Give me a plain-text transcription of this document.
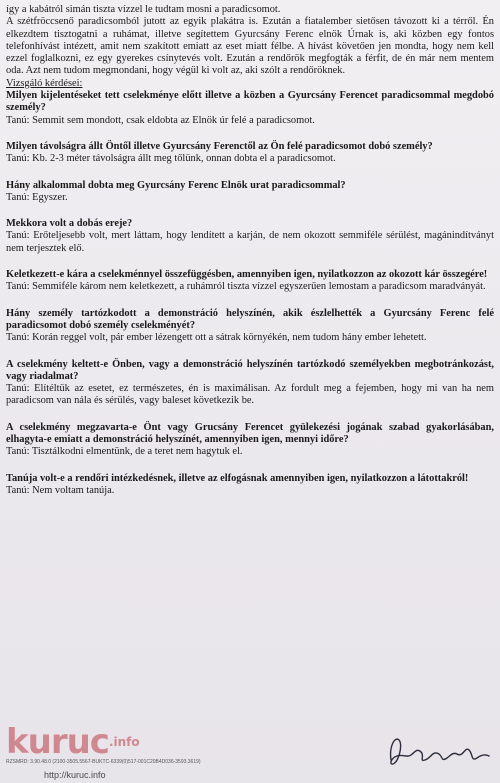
így a kabátról simán tiszta vízzel le tudtam mosni a paradicsomot.

A szétfröccsenő paradicsomból jutott az egyik plakátra is. Ezután a fiatalember sietősen távozott ki a térről. Én elkezdtem tisztogatni a ruhámat, illetve segítettem Gyurcsány Ferenc elnök Úrnak is, aki közben egy fontos telefonhívást intézett, amit nem szakított emiatt az eset miatt félbe. A hívást követően jen mondta, hogy nem kell ezzel foglalkozni, ez egy gyerekes csínytevés volt. Ezután a rendőrök megfogták a férfit, de én már nem mentem oda. Azt nem tudom megmondani, hogy végül ki volt az, aki szólt a rendőröknek.

Vizsgáló kérdései:

Milyen kijelentéseket tett cselekménye előtt illetve a közben a Gyurcsány Ferencet paradicsommal megdobó személy?

Tanú: Semmit sem mondott, csak eldobta az Elnök úr felé a paradicsomot.

Milyen távolságra állt Öntől illetve Gyurcsány Ferenctől az Ön felé paradicsomot dobó személy?

Tanú: Kb. 2-3 méter távolságra állt meg tőlünk, onnan dobta el a paradicsomot.

Hány alkalommal dobta meg Gyurcsány Ferenc Elnök urat paradicsommal?

Tanú: Egyszer.

Mekkora volt a dobás ereje?

Tanú: Erőteljesebb volt, mert láttam, hogy lendített a karján, de nem okozott semmiféle sérülést, magánindítványt nem terjesztek elő.

Keletkezett-e kára a cselekménnyel összefüggésben, amennyiben igen, nyilatkozzon az okozott kár összegére!

Tanú: Semmiféle károm nem keletkezett, a ruhámról tiszta vízzel egyszerűen lemostam a paradicsom maradványát.

Hány személy tartózkodott a demonstráció helyszínén, akik észlelhették a Gyurcsány Ferenc felé paradicsomot dobó személy cselekményét?

Tanú: Korán reggel volt, pár ember lézengett ott a sátrak környékén, nem tudom hány ember lehetett.

A cselekmény keltett-e Önben, vagy a demonstráció helyszínén tartózkodó személyekben megbotránkozást, vagy riadalmat?

Tanú: Elítéltük az esetet, ez természetes, én is maximálisan. Az fordult meg a fejemben, hogy mi van ha nem paradicsom van nála és sérülés, vagy baleset következik be.

A cselekmény megzavarta-e Önt vagy Grucsány Ferencet gyülekezési jogának szabad gyakorlásában, elhagyta-e emiatt a demonstráció helyszínét, amennyiben igen, mennyi időre?

Tanú: Tisztálkodni elmentünk, de a teret nem hagytuk el.

Tanúja volt-e a rendőri intézkedésnek, illetve az elfogásnak amennyiben igen, nyilatkozzon a látottakról!

Tanú: Nem voltam tanúja.

kuruc$^{.info}$
RZSMRD: 3.90.48.0 (2100-3505.5567-BUKTC-6339(0)517-001C20B4D036-3593.3619)
http://kuruc.info
